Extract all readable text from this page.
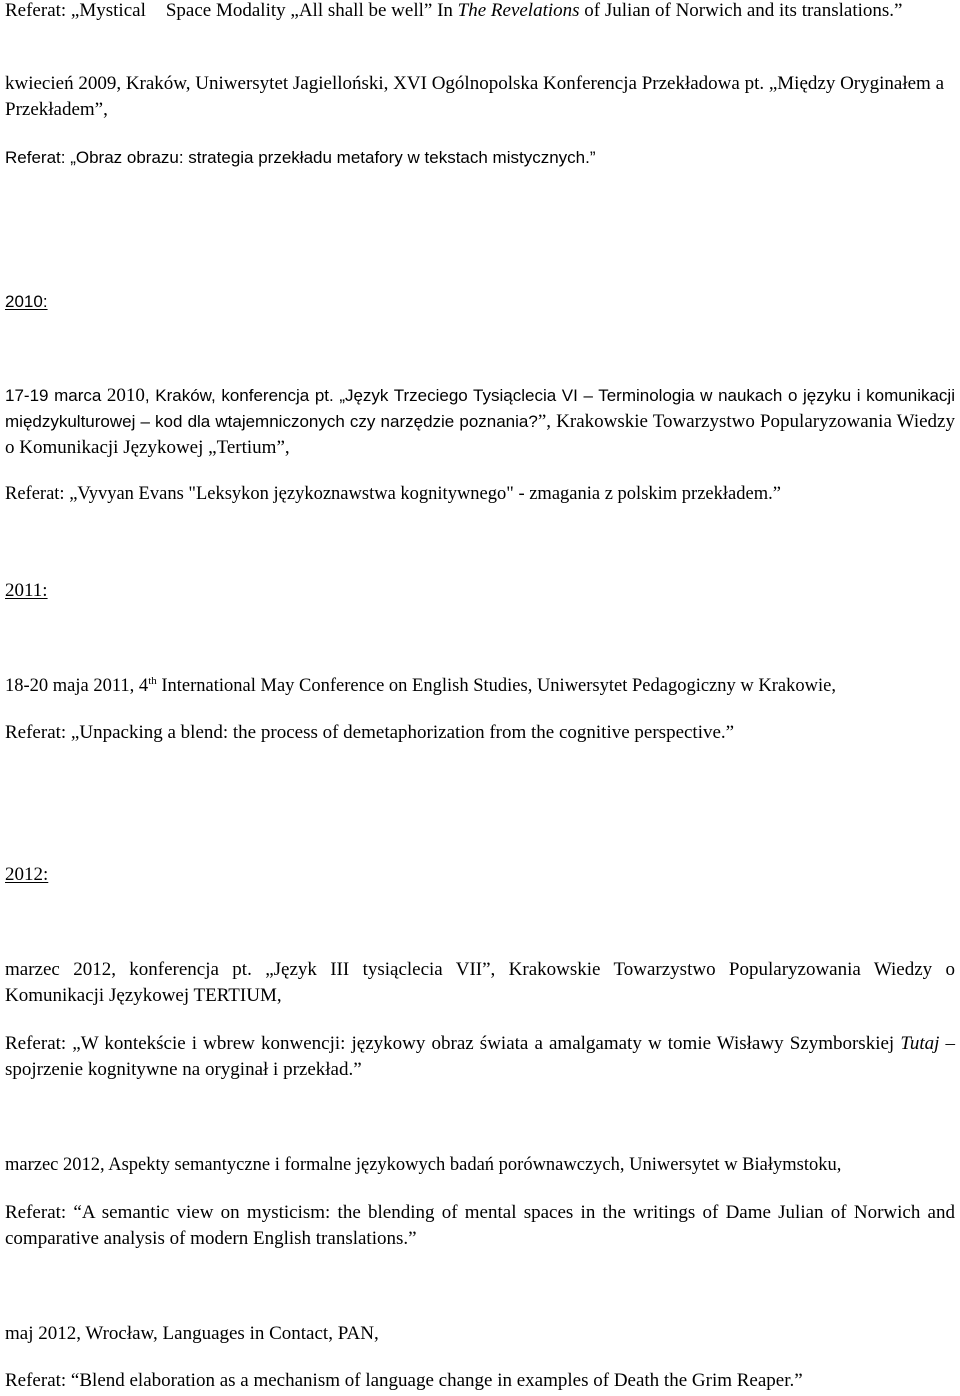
Referat: „Mystical Space Modality „All shall be well” In The Revelations of Julian of Norwich and its translations.”

kwiecień 2009, Kraków, Uniwersytet Jagielloński, XVI Ogólnopolska Konferencja Przekładowa pt. „Między Oryginałem a Przekładem”,

Referat: „Obraz obrazu: strategia przekładu metafory w tekstach mistycznych.”

2010:

17-19 marca 2010, Kraków, konferencja pt. „Język Trzeciego Tysiąclecia VI – Terminologia w naukach o języku i komunikacji międzykulturowej – kod dla wtajemniczonych czy narzędzie poznania?”, Krakowskie Towarzystwo Popularyzowania Wiedzy o Komunikacji Językowej „Tertium”,

Referat: „Vyvyan Evans "Leksykon językoznawstwa kognitywnego" - zmagania z polskim przekładem.”

2011:

18-20 maja 2011, 4th International May Conference on English Studies, Uniwersytet Pedagogiczny w Krakowie,

Referat: „Unpacking a blend: the process of demetaphorization from the cognitive perspective.”

2012:

marzec 2012, konferencja pt. „Język III tysiąclecia VII”, Krakowskie Towarzystwo Popularyzowania Wiedzy o Komunikacji Językowej TERTIUM,

Referat: „W kontekście i wbrew konwencji: językowy obraz świata a amalgamaty w tomie Wisławy Szymborskiej Tutaj – spojrzenie kognitywne na oryginał i przekład.”

marzec 2012, Aspekty semantyczne i formalne językowych badań porównawczych, Uniwersytet w Białymstoku,

Referat: “A semantic view on mysticism: the blending of mental spaces in the writings of Dame Julian of Norwich and comparative analysis of modern English translations.”

maj 2012, Wrocław, Languages in Contact, PAN,

Referat: “Blend elaboration as a mechanism of language change in examples of Death the Grim Reaper.”
